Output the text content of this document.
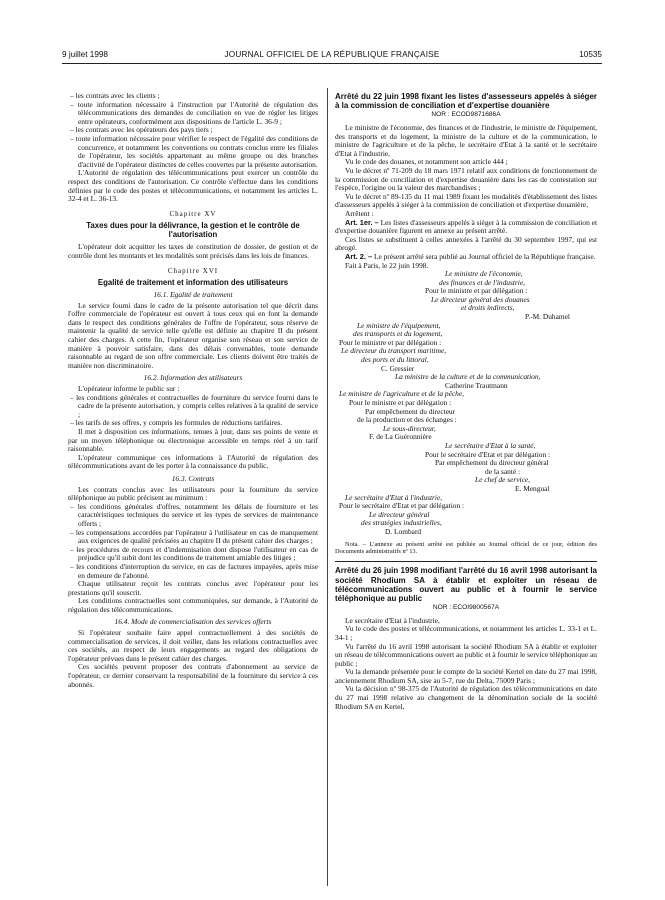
9 juillet 1998	JOURNAL OFFICIEL DE LA RÉPUBLIQUE FRANÇAISE	10535

– les contrats avec les clients ;

– toute information nécessaire à l'instruction par l'Autorité de régulation des télécommunications des demandes de conciliation en vue de régler les litiges entre opérateurs, conformément aux dispositions de l'article L. 36-9 ;

– les contrats avec les opérateurs des pays tiers ;

– toute information nécessaire pour vérifier le respect de l'égalité des conditions de concurrence, et notamment les conventions ou contrats conclus entre les filiales de l'opérateur, les sociétés appartenant au même groupe ou des branches d'activité de l'opérateur distinctes de celles couvertes par la présente autorisation.

L'Autorité de régulation des télécommunications peut exercer un contrôle du respect des conditions de l'autorisation. Ce contrôle s'effectue dans les conditions définies par le code des postes et télécommunications, et notamment les articles L. 32-4 et L. 36-13.

Chapitre XV
Taxes dues pour la délivrance, la gestion et le contrôle de l'autorisation

L'opérateur doit acquitter les taxes de constitution de dossier, de gestion et de contrôle dont les montants et les modalités sont précisés dans les lois de finances.

Chapitre XVI
Egalité de traitement et information des utilisateurs
16.1. Egalité de traitement

Le service fourni dans le cadre de la présente autorisation tel que décrit dans l'offre commerciale de l'opérateur est ouvert à tous ceux qui en font la demande dans le respect des conditions générales de l'offre de l'opérateur, sous réserve de maintenir la qualité de service telle qu'elle est définie au chapitre II du présent cahier des charges. A cette fin, l'opérateur organise son réseau et son service de manière à pouvoir satisfaire, dans des délais convenables, toute demande raisonnable au regard de son offre commerciale. Les clients doivent être traités de manière non discriminatoire.

16.2. Information des utilisateurs

L'opérateur informe le public sur :

– les conditions générales et contractuelles de fourniture du service fourni dans le cadre de la présente autorisation, y compris celles relatives à la qualité de service ;

– les tarifs de ses offres, y compris les formules de réductions tarifaires.

Il met à disposition ces informations, tenues à jour, dans ses points de vente et par un moyen téléphonique ou électronique accessible en temps réel à un tarif raisonnable.

L'opérateur communique ces informations à l'Autorité de régulation des télécommunications avant de les porter à la connaissance du public.

16.3. Contrats

Les contrats conclus avec les utilisateurs pour la fourniture du service téléphonique au public précisent au minimum :

– les conditions générales d'offres, notamment les délais de fourniture et les caractéristiques techniques du service et les types de services de maintenance offerts ;

– les compensations accordées par l'opérateur à l'utilisateur en cas de manquement aux exigences de qualité précisées au chapitre II du présent cahier des charges ;

– les procédures de recours et d'indemnisation dont dispose l'utilisateur en cas de préjudice qu'il subit dont les conditions de traitement amiable des litiges ;

– les conditions d'interruption du service, en cas de factures impayées, après mise en demeure de l'abonné.

Chaque utilisateur reçoit les contrats conclus avec l'opérateur pour les prestations qu'il souscrit.

Les conditions contractuelles sont communiquées, sur demande, à l'Autorité de régulation des télécommunications.

16.4. Mode de commercialisation des services offerts

Si l'opérateur souhaite faire appel contractuellement à des sociétés de commercialisation de services, il doit veiller, dans les relations contractuelles avec ces sociétés, au respect de leurs engagements au regard des obligations de l'opérateur prévues dans le présent cahier des charges.

Ces sociétés peuvent proposer des contrats d'abonnement au service de l'opérateur, ce dernier conservant la responsabilité de la fourniture du service à ces abonnés.

Arrêté du 22 juin 1998 fixant les listes d'assesseurs appelés à siéger à la commission de conciliation et d'expertise douanière
NOR : ECOD9871686A

Le ministre de l'économie, des finances et de l'industrie, le ministre de l'équipement, des transports et du logement, la ministre de la culture et de la communication, le ministre de l'agriculture et de la pêche, le secrétaire d'Etat à la santé et le secrétaire d'Etat à l'industrie,

Vu le code des douanes, et notamment son article 444 ;

Vu le décret nº 71-209 du 18 mars 1971 relatif aux conditions de fonctionnement de la commission de conciliation et d'expertise douanière dans les cas de contestation sur l'espèce, l'origine ou la valeur des marchandises ;

Vu le décret nº 89-135 du 11 mai 1989 fixant les modalités d'établissement des listes d'assesseurs appelés à siéger à la commission de conciliation et d'expertise douanière,

Arrêtent :

Art. 1er. – Les listes d'assesseurs appelés à siéger à la commission de conciliation et d'expertise douanière figurent en annexe au présent arrêté.

Ces listes se substituent à celles annexées à l'arrêté du 30 septembre 1997, qui est abrogé.

Art. 2. – Le présent arrêté sera publié au Journal officiel de la République française.

Fait à Paris, le 22 juin 1998.

Le ministre de l'économie,
des finances et de l'industrie,
Pour le ministre et par délégation :
Le directeur général des douanes
et droits indirects,
P.-M. Duhamel
Le ministre de l'équipement,
des transports et du logement,
Pour le ministre et par délégation :
Le directeur du transport maritime,
des ports et du littoral,
C. Gressier
La ministre de la culture et de la communication,
Catherine Trautmann
Le ministre de l'agriculture et de la pêche,
Pour le ministre et par délégation :
Par empêchement du directeur
de la production et des échanges :
Le sous-directeur,
F. de La Guéronnière
Le secrétaire d'Etat à la santé,
Pour le secrétaire d'Etat et par délégation :
Par empêchement du directeur général
de la santé :
Le chef de service,
E. Mengual
Le secrétaire d'Etat à l'industrie,
Pour le secrétaire d'Etat et par délégation :
Le directeur général
des stratégies industrielles,
D. Lombard

Nota. – L'annexe au présent arrêté est publiée au Journal officiel de ce jour, édition des Documents administratifs nº 13.

Arrêté du 26 juin 1998 modifiant l'arrêté du 16 avril 1998 autorisant la société Rhodium SA à établir et exploiter un réseau de télécommunications ouvert au public et à fournir le service téléphonique au public
NOR : ECOI9800567A

Le secrétaire d'Etat à l'industrie,

Vu le code des postes et télécommunications, et notamment les articles L. 33-1 et L. 34-1 ;

Vu l'arrêté du 16 avril 1998 autorisant la société Rhodium SA à établir et exploiter un réseau de télécommunications ouvert au public et à fournir le service téléphonique au public ;

Vu la demande présentée pour le compte de la société Kertel en date du 27 mai 1998, anciennement Rhodium SA, sise au 5-7, rue du Delta, 75009 Paris ;

Vu la décision nº 98-375 de l'Autorité de régulation des télécommunications en date du 27 mai 1998 relative au changement de la dénomination sociale de la société Rhodium SA en Kertel,
